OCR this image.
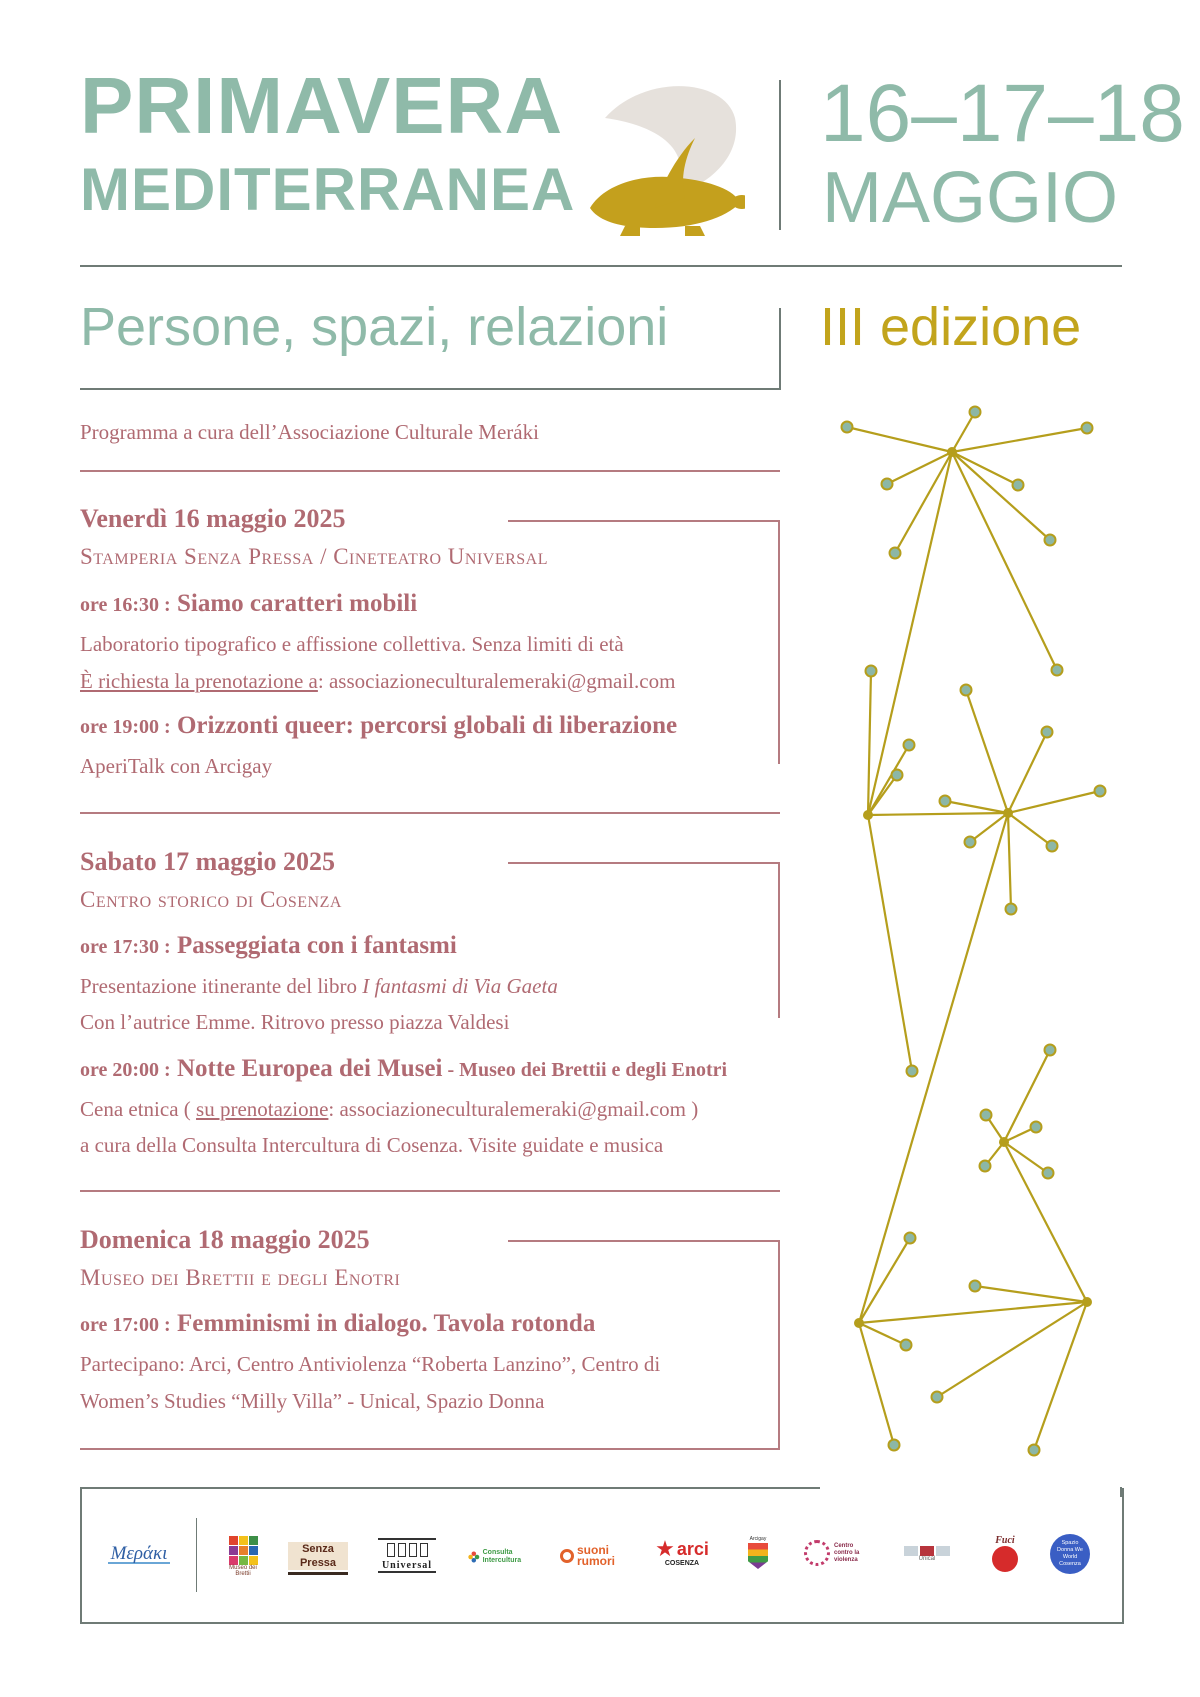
PRIMAVERA
MEDITERRANEA
16–17–18
MAGGIO
Persone, spazi, relazioni	III edizione
Programma a cura dell’Associazione Culturale Meráki
Venerdì 16 maggio 2025
Stamperia Senza Pressa / Cineteatro Universal
ore 16:30 : Siamo caratteri mobili
Laboratorio tipografico e affissione collettiva. Senza limiti di età
È richiesta la prenotazione a: associazioneculturalemeraki@gmail.com
ore 19:00 : Orizzonti queer: percorsi globali di liberazione
AperiTalk con Arcigay
Sabato 17 maggio 2025
Centro storico di Cosenza
ore 17:30 : Passeggiata con i fantasmi
Presentazione itinerante del libro I fantasmi di Via Gaeta
Con l’autrice Emme. Ritrovo presso piazza Valdesi
ore 20:00 : Notte Europea dei Musei - Museo dei Brettii e degli Enotri
Cena etnica ( su prenotazione: associazioneculturalemeraki@gmail.com )
a cura della Consulta Intercultura di Cosenza. Visite guidate e musica
Domenica 18 maggio 2025
Museo dei Brettii e degli Enotri
ore 17:00 : Femminismi in dialogo. Tavola rotonda
Partecipano: Arci, Centro Antiviolenza “Roberta Lanzino”, Centro di
Women’s Studies “Milly Villa” - Unical, Spazio Donna
Μεράκι
Museo dei Brettii
Senza Pressa	Universal
Consulta Intercultura
suoni rumori ★ arci
COSENZA
Arcigay
Centro contro la violenza	Unical
Fuci	Spazio Donna We World Cosenza
